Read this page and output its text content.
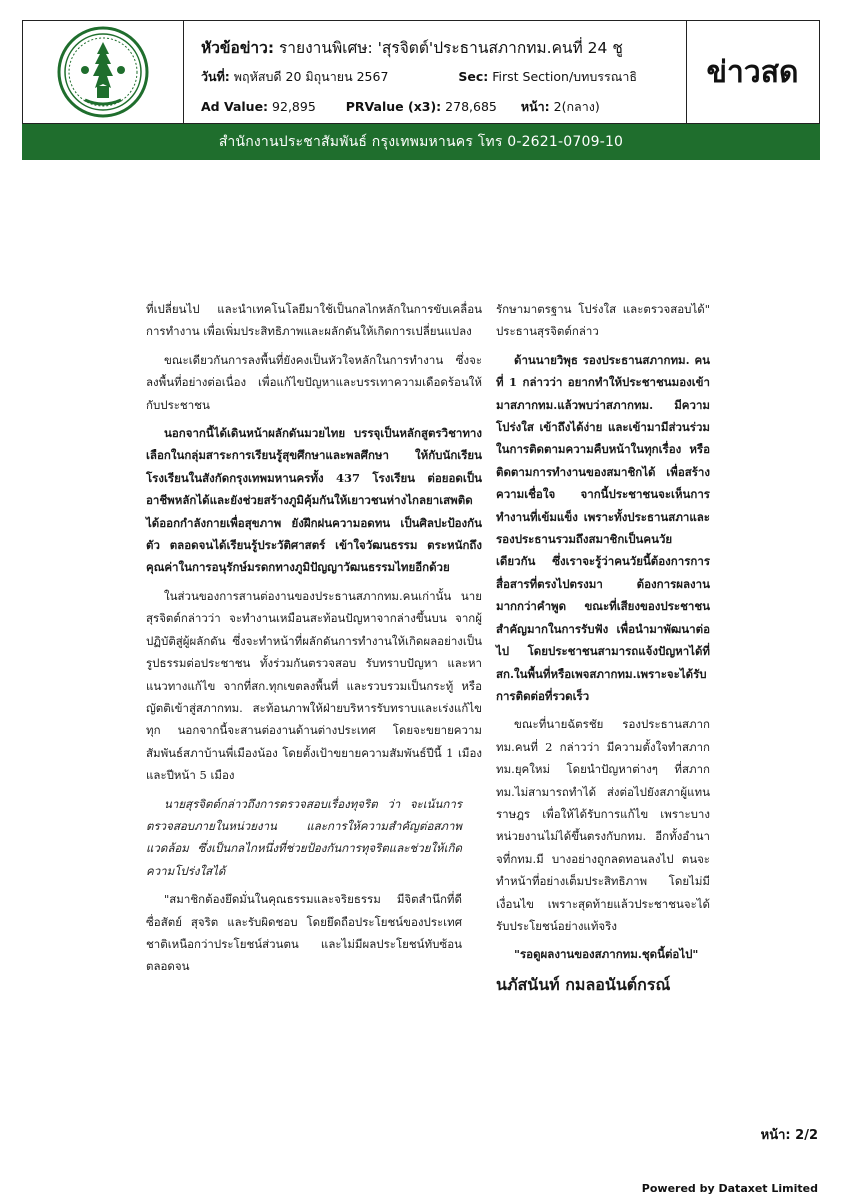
หัวข้อข่าว: รายงานพิเศษ: 'สุรจิตต์'ประธานสภากทม.คนที่ 24 ชู
วันที่: พฤหัสบดี 20 มิถุนายน 2567	Sec: First Section/บทบรรณาธิ
Ad Value: 92,895 PRValue (x3): 278,685 หน้า: 2(กลาง)
ข่าวสด
สำนักงานประชาสัมพันธ์ กรุงเทพมหานคร โทร 0-2621-0709-10

ที่เปลี่ยนไป และนำเทคโนโลยีมาใช้เป็นกลไกหลักในการขับเคลื่อนการทำงาน เพื่อเพิ่มประสิทธิภาพและผลักดันให้เกิดการเปลี่ยนแปลง

ขณะเดียวกันการลงพื้นที่ยังคงเป็นหัวใจหลักในการทำงาน ซึ่งจะลงพื้นที่อย่างต่อเนื่อง เพื่อแก้ไขปัญหาและบรรเทาความเดือดร้อนให้กับประชาชน

นอกจากนี้ได้เดินหน้าผลักดันมวยไทย บรรจุเป็นหลักสูตรวิชาทางเลือกในกลุ่มสาระการเรียนรู้สุขศึกษาและพลศึกษา ให้กับนักเรียนโรงเรียนในสังกัดกรุงเทพมหานครทั้ง 437 โรงเรียน ต่อยอดเป็นอาชีพหลักได้และยังช่วยสร้างภูมิคุ้มกันให้เยาวชนห่างไกลยาเสพติด ได้ออกกำลังกายเพื่อสุขภาพ ยังฝึกฝนความอดทน เป็นศิลปะป้องกันตัว ตลอดจนได้เรียนรู้ประวัติศาสตร์ เข้าใจวัฒนธรรม ตระหนักถึงคุณค่าในการอนุรักษ์มรดกทางภูมิปัญญาวัฒนธรรมไทยอีกด้วย

ในส่วนของการสานต่องานของประธานสภากทม.คนเก่านั้น นายสุรจิตต์กล่าวว่า จะทำงานเหมือนสะท้อนปัญหาจากล่างขึ้นบน จากผู้ปฏิบัติสู่ผู้ผลักดัน ซึ่งจะทำหน้าที่ผลักดันการทำงานให้เกิดผลอย่างเป็นรูปธรรมต่อประชาชน ทั้งร่วมกันตรวจสอบ รับทราบปัญหา และหาแนวทางแก้ไข จากที่สก.ทุกเขตลงพื้นที่ และรวบรวมเป็นกระทู้ หรือญัตติเข้าสู่สภากทม. สะท้อนภาพให้ฝ่ายบริหารรับทราบและเร่งแก้ไขทุก นอกจากนี้จะสานต่องานด้านต่างประเทศ โดยจะขยายความสัมพันธ์สภาบ้านพี่เมืองน้อง โดยตั้งเป้าขยายความสัมพันธ์ปีนี้ 1 เมือง และปีหน้า 5 เมือง

นายสุรจิตต์กล่าวถึงการตรวจสอบเรื่องทุจริต ว่า จะเน้นการตรวจสอบภายในหน่วยงาน และการให้ความสำคัญต่อสภาพแวดล้อม ซึ่งเป็นกลไกหนึ่งที่ช่วยป้องกันการทุจริตและช่วยให้เกิดความโปร่งใสได้

"สมาชิกต้องยึดมั่นในคุณธรรมและจริยธรรม มีจิตสำนึกที่ดี ซื่อสัตย์ สุจริต และรับผิดชอบ โดยยึดถือประโยชน์ของประเทศชาติเหนือกว่าประโยชน์ส่วนตน และไม่มีผลประโยชน์ทับซ้อน ตลอดจน

รักษามาตรฐาน โปร่งใส และตรวจสอบได้" ประธานสุรจิตต์กล่าว

ด้านนายวิพุธ รองประธานสภากทม. คนที่ 1 กล่าวว่า อยากทำให้ประชาชนมองเข้ามาสภากทม.แล้วพบว่าสภากทม. มีความโปร่งใส เข้าถึงได้ง่าย และเข้ามามีส่วนร่วมในการติดตามความคืบหน้าในทุกเรื่อง หรือติดตามการทำงานของสมาชิกได้ เพื่อสร้างความเชื่อใจ จากนี้ประชาชนจะเห็นการทำงานที่เข้มแข็ง เพราะทั้งประธานสภาและรองประธานรวมถึงสมาชิกเป็นคนวัยเดียวกัน ซึ่งเราจะรู้ว่าคนวัยนี้ต้องการการสื่อสารที่ตรงไปตรงมา ต้องการผลงานมากกว่าคำพูด ขณะที่เสียงของประชาชนสำคัญมากในการรับฟัง เพื่อนำมาพัฒนาต่อไป โดยประชาชนสามารถแจ้งปัญหาได้ที่ สก.ในพื้นที่หรือเพจสภากทม.เพราะจะได้รับการติดต่อที่รวดเร็ว

ขณะที่นายฉัตรชัย รองประธานสภากทม.คนที่ 2 กล่าวว่า มีความตั้งใจทำสภากทม.ยุคใหม่ โดยนำปัญหาต่างๆ ที่สภากทม.ไม่สามารถทำได้ ส่งต่อไปยังสภาผู้แทนราษฎร เพื่อให้ได้รับการแก้ไข เพราะบางหน่วยงานไม่ได้ขึ้นตรงกับกทม. อีกทั้งอำนาจที่กทม.มี บางอย่างถูกลดทอนลงไป ตนจะทำหน้าที่อย่างเต็มประสิทธิภาพ โดยไม่มีเงื่อนไข เพราะสุดท้ายแล้วประชาชนจะได้รับประโยชน์อย่างแท้จริง

"รอดูผลงานของสภากทม.ชุดนี้ต่อไป"

นภัสนันท์ กมลอนันต์กรณ์
หน้า: 2/2
Powered by Dataxet Limited
